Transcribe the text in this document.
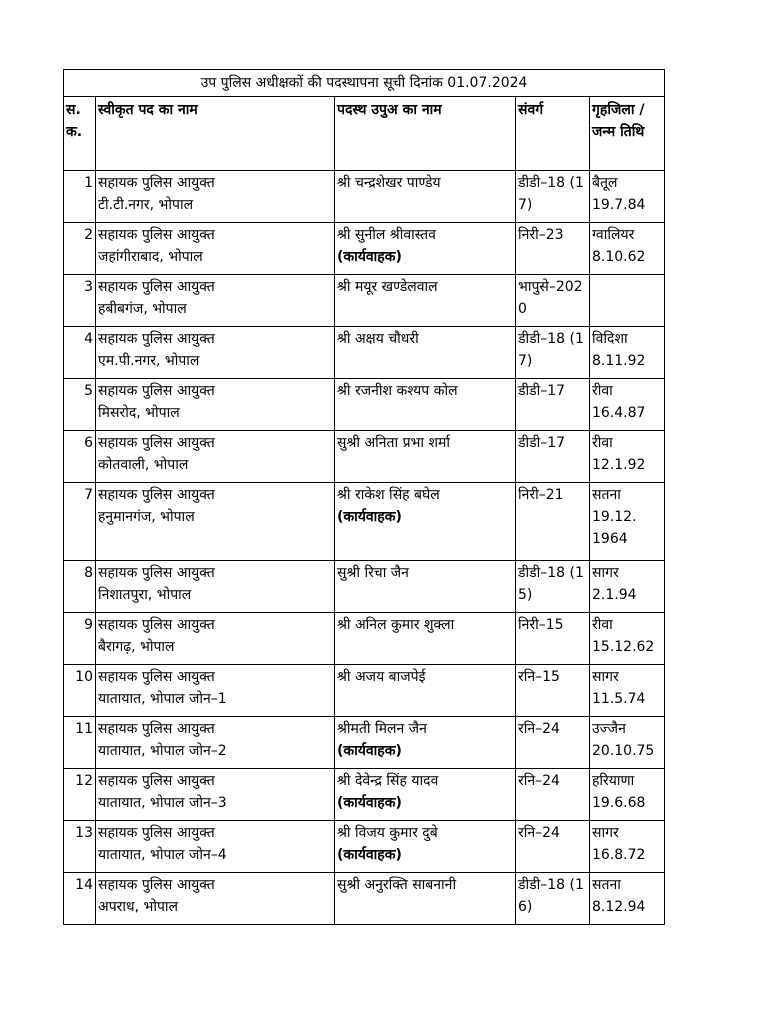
उप पुलिस अधीक्षकों की पदस्थापना सूची दिनांक 01.07.2024				
स. क.	स्वीकृत पद का नाम	पदस्थ उपुअ का नाम	संवर्ग	गृहजिला / जन्म तिथि
1	सहायक पुलिस आयुक्त
टी.टी.नगर, भोपाल	श्री चन्द्रशेखर पाण्डेय	डीडी–18 (17)	बैतूल
19.7.84

2	सहायक पुलिस आयुक्त
जहांगीराबाद, भोपाल	श्री सुनील श्रीवास्तव
(कार्यवाहक)	निरी–23	ग्वालियर
8.10.62

3	सहायक पुलिस आयुक्त
हबीबगंज, भोपाल	श्री मयूर खण्डेलवाल	भापुसे–2020	

4	सहायक पुलिस आयुक्त
एम.पी.नगर, भोपाल	श्री अक्षय चौधरी	डीडी–18 (17)	विदिशा
8.11.92

5	सहायक पुलिस आयुक्त
मिसरोद, भोपाल	श्री रजनीश कश्यप कोल	डीडी–17	रीवा
16.4.87

6	सहायक पुलिस आयुक्त
कोतवाली, भोपाल	सुश्री अनिता प्रभा शर्मा	डीडी–17	रीवा
12.1.92

7	सहायक पुलिस आयुक्त
हनुमानगंज, भोपाल	श्री राकेश सिंह बघेल
(कार्यवाहक)	निरी–21	सतना
19.12. 1964

8	सहायक पुलिस आयुक्त
निशातपुरा, भोपाल	सुश्री रिचा जैन	डीडी–18 (15)	सागर
2.1.94

9	सहायक पुलिस आयुक्त
बैरागढ़, भोपाल	श्री अनिल कुमार शुक्ला	निरी–15	रीवा
15.12.62

10	सहायक पुलिस आयुक्त
यातायात, भोपाल जोन–1	श्री अजय बाजपेई	रनि–15	सागर
11.5.74

11	सहायक पुलिस आयुक्त
यातायात, भोपाल जोन–2	श्रीमती मिलन जैन
(कार्यवाहक)	रनि–24	उज्जैन
20.10.75

12	सहायक पुलिस आयुक्त
यातायात, भोपाल जोन–3	श्री देवेन्द्र सिंह यादव
(कार्यवाहक)	रनि–24	हरियाणा
19.6.68

13	सहायक पुलिस आयुक्त
यातायात, भोपाल जोन–4	श्री विजय कुमार दुबे
(कार्यवाहक)	रनि–24	सागर
16.8.72

14	सहायक पुलिस आयुक्त
अपराध, भोपाल	सुश्री अनुरक्ति साबनानी	डीडी–18 (16)	सतना
8.12.94
